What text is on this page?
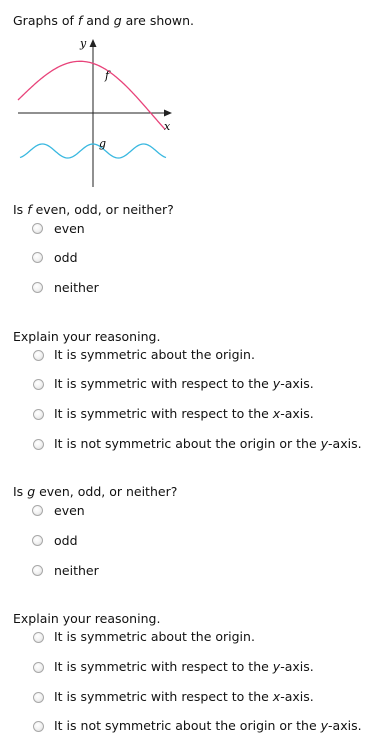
Graphs of f and g are shown.
y
x
f
g
Is f even, odd, or neither?
even
odd
neither
Explain your reasoning.
It is symmetric about the origin.
It is symmetric with respect to the y-axis.
It is symmetric with respect to the x-axis.
It is not symmetric about the origin or the y-axis.
Is g even, odd, or neither?
even
odd
neither
Explain your reasoning.
It is symmetric about the origin.
It is symmetric with respect to the y-axis.
It is symmetric with respect to the x-axis.
It is not symmetric about the origin or the y-axis.
